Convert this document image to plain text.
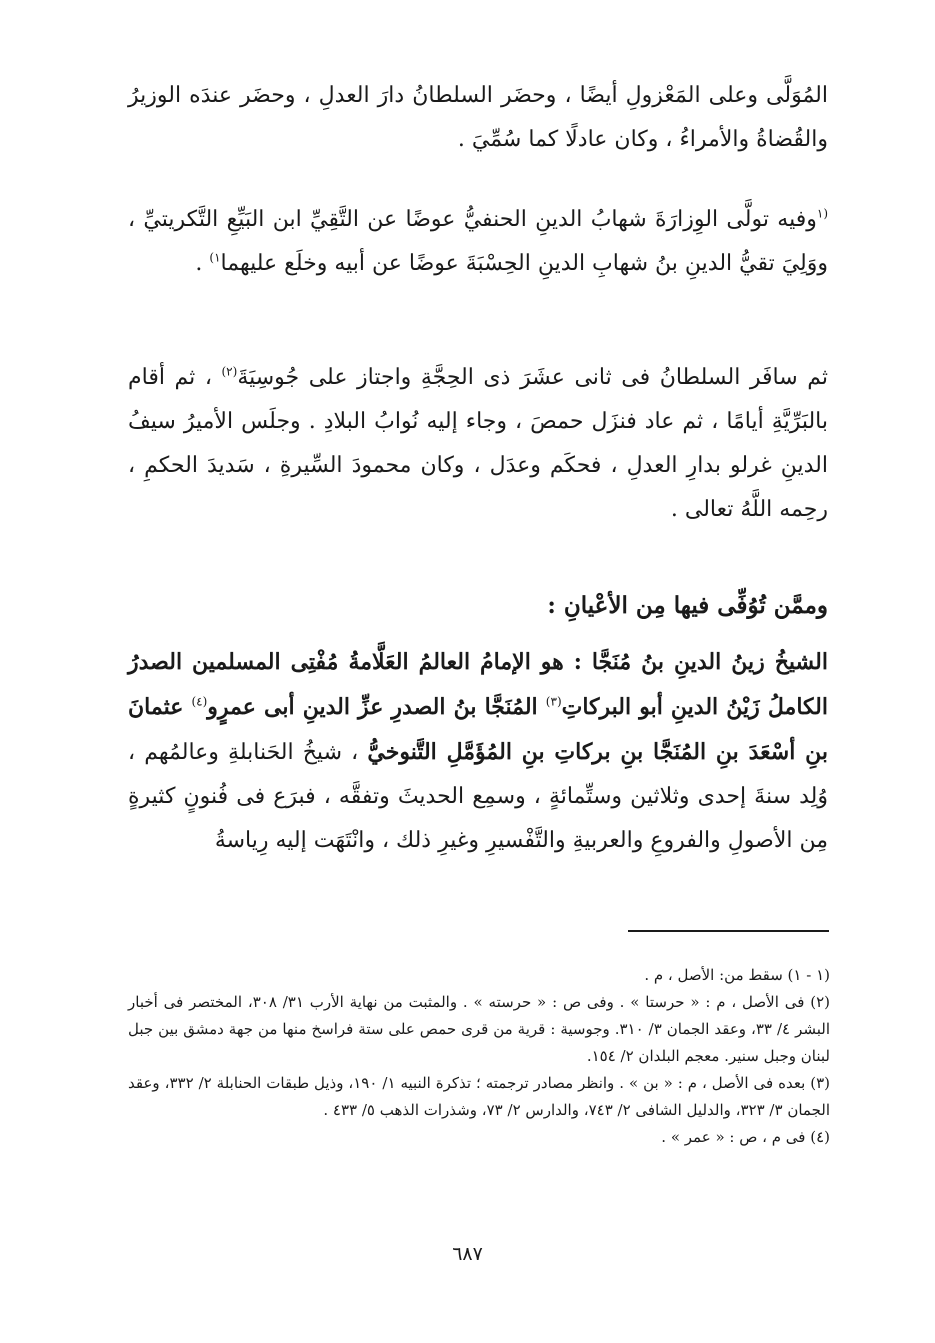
المُوَلَّى وعلى المَعْزولِ أيضًا ، وحضَر السلطانُ دارَ العدلِ ، وحضَر عندَه الوزيرُ والقُضاةُ والأمراءُ ، وكان عادلًا كما سُمِّيَ .
$^{(١}$وفيه تولَّى الوِزارَةَ شهابُ الدينِ الحنفيُّ عوضًا عن التَّقِيِّ ابن البَيِّعِ التَّكريتيِّ ، ووَلِيَ تقيُّ الدينِ بنُ شهابِ الدينِ الحِسْبَةَ عوضًا عن أبيه وخلَع عليهما$^{١)}$ .
ثم سافَر السلطانُ فى ثانى عشَرَ ذى الحِجَّةِ واجتاز على جُوسِيَةَ$^{(٢)}$ ، ثم أقام بالبَرِّيَّةِ أيامًا ، ثم عاد فنزَل حمصَ ، وجاء إليه نُوابُ البلادِ . وجلَس الأميرُ سيفُ الدينِ غرلو بدارِ العدلِ ، فحكَم وعدَل ، وكان محمودَ السِّيرةِ ، سَديدَ الحكمِ ، رحِمه اللَّهُ تعالى .
وممَّن تُوُفِّى فيها مِن الأعْيانِ :
الشيخُ زينُ الدينِ بنُ مُنَجَّا : هو الإمامُ العالمُ العَلَّامةُ مُفْتِى المسلمين الصدرُ الكاملُ زَيْنُ الدينِ أبو البركاتِ$^{(٣)}$ المُنَجَّا بنُ الصدرِ عزِّ الدينِ أبى عمرٍو$^{(٤)}$ عثمانَ بنِ أسْعَدَ بنِ المُنَجَّا بنِ بركاتِ بنِ المُؤَمَّلِ التَّنوخيُّ ، شيخُ الحَنابلةِ وعالمُهم ، وُلِد سنةَ إحدى وثلاثين وستِّمائةٍ ، وسمِع الحديثَ وتفقَّه ، فبرَع فى فُنونٍ كثيرةٍ مِن الأصولِ والفروعِ والعربيةِ والتَّفْسيرِ وغيرِ ذلك ، وانْتَهَت إليه رِياسةُ

(١ - ١) سقط من: الأصل ، م .

(٢) فى الأصل ، م : « حرستا » . وفى ص : « حرسته » . والمثبت من نهاية الأرب ٣١/ ٣٠٨، المختصر فى أخبار البشر ٤/ ٣٣، وعقد الجمان ٣/ ٣١٠. وجوسية : قرية من قرى حمص على ستة فراسخ منها من جهة دمشق بين جبل لبنان وجبل سنير. معجم البلدان ٢/ ١٥٤.

(٣) بعده فى الأصل ، م : « بن » . وانظر مصادر ترجمته ؛ تذكرة النبيه ١/ ١٩٠، وذيل طبقات الحنابلة ٢/ ٣٣٢، وعقد الجمان ٣/ ٣٢٣، والدليل الشافى ٢/ ٧٤٣، والدارس ٢/ ٧٣، وشذرات الذهب ٥/ ٤٣٣ .

(٤) فى م ، ص : « عمر » .

٦٨٧
